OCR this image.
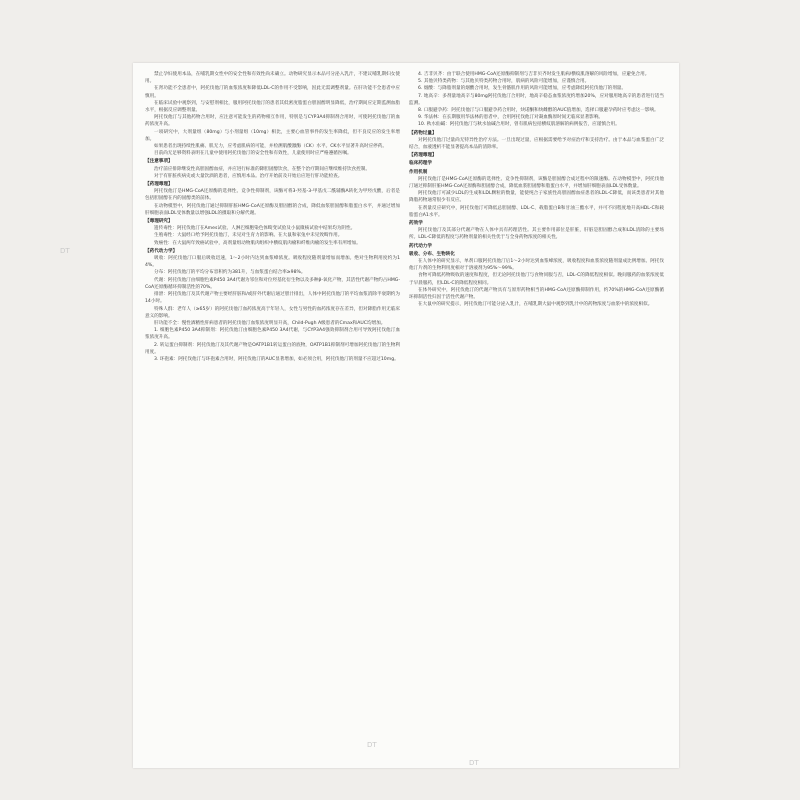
禁止孕妇使用本品，在哺乳期女性中的安全性和有效性尚未确立。动物研究显示本品可分泌入乳汁，不建议哺乳期妇女使用。

在肾功能不全患者中，阿托伐他汀的血浆浓度和降低LDL-C的作用不受影响，因此无需调整剂量。在肝功能不全患者中应慎用。

在临床试验中观察到，与安慰剂相比，服用阿托伐他汀的患者其低密度脂蛋白胆固醇明显降低，治疗期间应定期监测血脂水平，根据反应调整剂量。

阿托伐他汀与其他药物合用时，应注意可能发生的药物相互作用，特别是与CYP3A4抑制剂合用时，可使阿托伐他汀的血药浓度升高。

一项研究中，大剂量组（80mg）与小剂量组（10mg）相比，主要心血管事件的发生率降低，但不良反应的发生率增加。

如果患者出现持续性肌痛、肌无力，应考虑肌病的可能，并检测肌酸激酶（CK）水平。CK水平显著升高时应停药。

目前尚无足够资料表明在儿童中使用阿托伐他汀的安全性和有效性，儿童使用时应严格遵循医嘱。

【注意事项】

治疗前应排除继发性高胆固醇血症，并应进行标准的降胆固醇饮食，在整个治疗期间应继续维持饮食控制。

对于有肝脏疾病史或大量饮酒的患者，应慎用本品。治疗开始前及开始后应进行肝功能检查。

【药理毒理】

阿托伐他汀是HMG-CoA还原酶的选择性、竞争性抑制剂，该酶可将3-羟基-3-甲基戊二酰辅酶A转化为甲羟戊酸，后者是包括胆固醇在内的固醇类的前体。

在动物模型中，阿托伐他汀通过抑制肝脏HMG-CoA还原酶及胆固醇的合成，降低血浆胆固醇和脂蛋白水平，并通过增加肝细胞表面LDL受体数量以增强LDL的摄取和分解代谢。

【毒理研究】

遗传毒性：阿托伐他汀在Ames试验、人淋巴细胞染色体畸变试验及小鼠微核试验中结果均为阴性。

生殖毒性：大鼠经口给予阿托伐他汀，未见对生育力的影响。在大鼠和家兔中未见致畸作用。

致癌性：在大鼠两年致癌试验中，高剂量组动物肌肉组织中横纹肌肉瘤和纤维肉瘤的发生率有所增加。

【药代动力学】

吸收：阿托伐他汀口服后吸收迅速，1～2小时内达到血浆峰浓度。吸收程度随剂量增加而增加。绝对生物利用度约为14%。

分布：阿托伐他汀的平均分布容积约为381升，与血浆蛋白结合率≥98%。

代谢：阿托伐他汀由细胞色素P450 3A4代谢为邻位和对位羟基化衍生物以及多种β-氧化产物，其活性代谢产物约占HMG-CoA还原酶循环抑制活性的70%。

排泄：阿托伐他汀及其代谢产物主要经肝脏和/或肝外代谢后通过胆汁排出，人体中阿托伐他汀的平均血浆消除半衰期约为14小时。

特殊人群：老年人（≥65岁）的阿托伐他汀血药浓度高于年轻人，女性与男性的血药浓度存在差异，但对降脂作用无临床意义的影响。

肝功能不全：慢性酒精性肝病患者的阿托伐他汀血浆浓度明显升高，Child-Pugh A级患者的Cmax和AUC均增加。

1. 细胞色素P450 3A4抑制剂：阿托伐他汀由细胞色素P450 3A4代谢，与CYP3A4强效抑制剂合用可导致阿托伐他汀血浆浓度升高。

2. 转运蛋白抑制剂：阿托伐他汀及其代谢产物是OATP1B1转运蛋白的底物，OATP1B1抑制剂可增加阿托伐他汀的生物利用度。

3. 环孢素：阿托伐他汀与环孢素合用时，阿托伐他汀的AUC显著增加，如必须合用，阿托伐他汀的剂量不应超过10mg。

4. 吉非贝齐：由于联合使用HMG-CoA还原酶抑制剂与吉非贝齐时发生肌病/横纹肌溶解的风险增加，应避免合用。

5. 其他贝特类药物：与其他贝特类药物合用时，肌病的风险可能增加，应谨慎合用。

6. 烟酸：与降脂剂量的烟酸合用时，发生骨骼肌作用的风险可能增加，应考虑降低阿托伐他汀的剂量。

7. 地高辛：多剂量地高辛与80mg阿托伐他汀合用时，地高辛稳态血浆浓度约增加20%，应对服用地高辛的患者进行适当监测。

8. 口服避孕药：阿托伐他汀与口服避孕药合用时，炔诺酮和炔雌醇的AUC值增加，选择口服避孕药时应考虑这一影响。

9. 华法林：在长期服用华法林的患者中，合用阿托伐他汀对凝血酶原时间无临床显著影响。

10. 秋水仙碱：阿托伐他汀与秋水仙碱合用时，曾有肌病包括横纹肌溶解的病例报告，应谨慎合用。

【药物过量】

对阿托伐他汀过量尚无特异性治疗方法。一旦出现过量，应根据需要给予对症治疗和支持治疗。由于本品与血浆蛋白广泛结合，血液透析不能显著提高本品的清除率。

【药理毒理】

临床药理学

作用机制

阿托伐他汀是HMG-CoA还原酶的选择性、竞争性抑制剂，该酶是胆固醇合成过程中的限速酶。在动物模型中，阿托伐他汀通过抑制肝脏HMG-CoA还原酶和胆固醇合成，降低血浆胆固醇和脂蛋白水平，并增加肝细胞表面LDL受体数量。

阿托伐他汀可减少LDL的生成和LDL颗粒的数量，能使纯合子家族性高胆固醇血症患者的LDL-C降低，而该类患者对其他降脂药物通常很少有反应。

在剂量反应研究中，阿托伐他汀可降低总胆固醇、LDL-C、载脂蛋白B和甘油三酯水平，并可不同程度地升高HDL-C和载脂蛋白A1水平。

药效学

阿托伐他汀及其部分代谢产物在人体中具有药理活性。其主要作用部位是肝脏，肝脏是胆固醇合成和LDL清除的主要场所。LDL-C降低的程度与药物剂量的相关性优于与全身药物浓度的相关性。

药代动力学

吸收、分布、生物转化

在人体中的研究显示，单剂口服阿托伐他汀后1～2小时达到血浆峰浓度，吸收程度和血浆浓度随剂量成比例增加。阿托伐他汀片剂的生物利用度相对于溶液剂为95%～99%。

食物可降低药物吸收的速度和程度，但无论阿托伐他汀与食物同服与否，LDL-C的降低程度相似。晚间服药的血浆浓度低于早晨服药，但LDL-C的降低程度相同。

在体外研究中，阿托伐他汀的代谢产物具有与原形药物相当的HMG-CoA还原酶抑制作用，约70%的HMG-CoA还原酶循环抑制活性归因于活性代谢产物。

在大鼠中的研究提示，阿托伐他汀可能分泌入乳汁，在哺乳期大鼠中观察到乳汁中的药物浓度与血浆中的浓度相似。

DT
DT
DT
